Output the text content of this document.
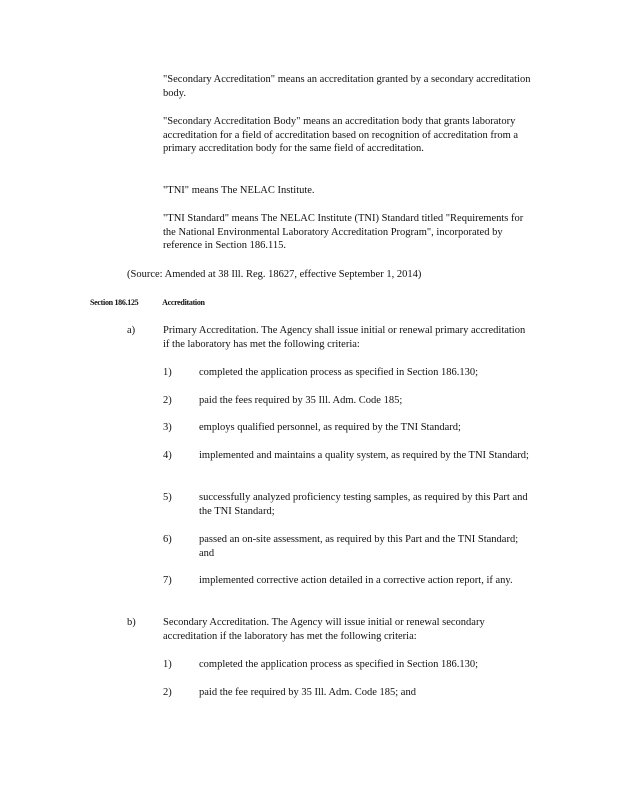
"Secondary Accreditation" means an accreditation granted by a secondary accreditation body.

"Secondary Accreditation Body" means an accreditation body that grants laboratory accreditation for a field of accreditation based on recognition of accreditation from a primary accreditation body for the same field of accreditation.

"TNI" means The NELAC Institute.

"TNI Standard" means The NELAC Institute (TNI) Standard titled "Requirements for the National Environmental Laboratory Accreditation Program", incorporated by reference in Section 186.115.

(Source: Amended at 38 Ill. Reg. 18627, effective September 1, 2014)

Section 186.125	Accreditation

a)	Primary Accreditation. The Agency shall issue initial or renewal primary accreditation if the laboratory has met the following criteria:

1)	completed the application process as specified in Section 186.130;

2)	paid the fees required by 35 Ill. Adm. Code 185;

3)	employs qualified personnel, as required by the TNI Standard;

4)	implemented and maintains a quality system, as required by the TNI Standard;

5)	successfully analyzed proficiency testing samples, as required by this Part and the TNI Standard;

6)	passed an on-site assessment, as required by this Part and the TNI Standard; and

7)	implemented corrective action detailed in a corrective action report, if any.

b)	Secondary Accreditation. The Agency will issue initial or renewal secondary accreditation if the laboratory has met the following criteria:

1)	completed the application process as specified in Section 186.130;

2)	paid the fee required by 35 Ill. Adm. Code 185; and
